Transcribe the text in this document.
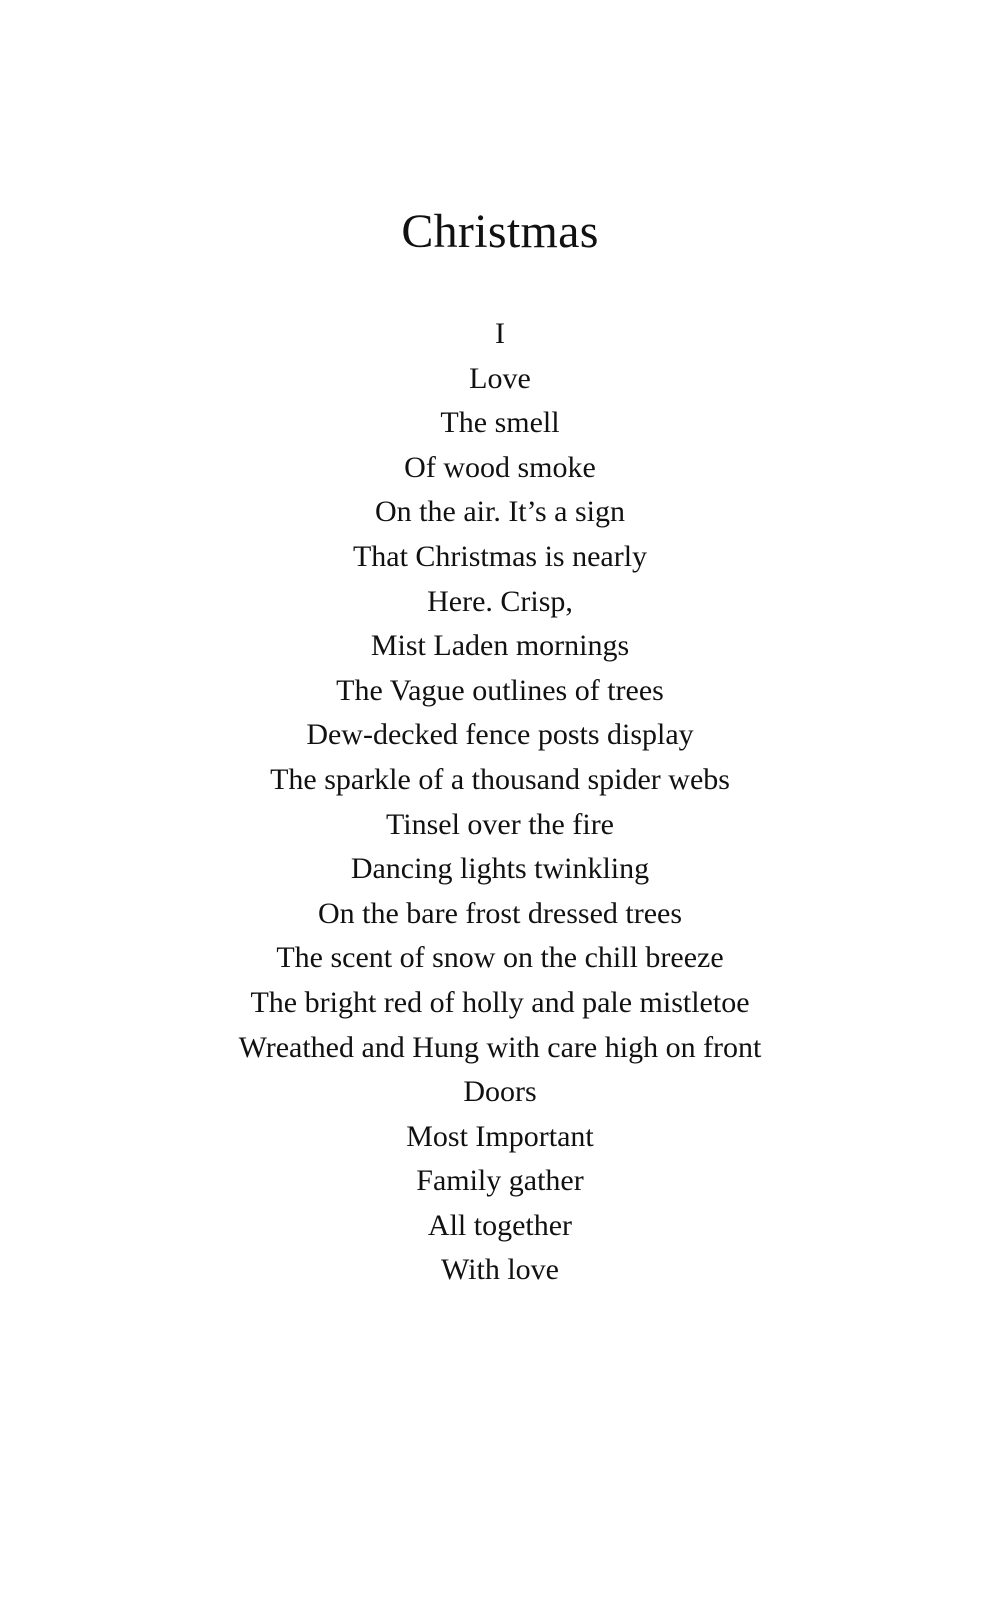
Christmas
I
Love
The smell
Of wood smoke
On the air. It’s a sign
That Christmas is nearly
Here. Crisp,
Mist Laden mornings
The Vague outlines of trees
Dew-decked fence posts display
The sparkle of a thousand spider webs
Tinsel over the fire
Dancing lights twinkling
On the bare frost dressed trees
The scent of snow on the chill breeze
The bright red of holly and pale mistletoe
Wreathed and Hung with care high on front
Doors
Most Important
Family gather
All together
With love
